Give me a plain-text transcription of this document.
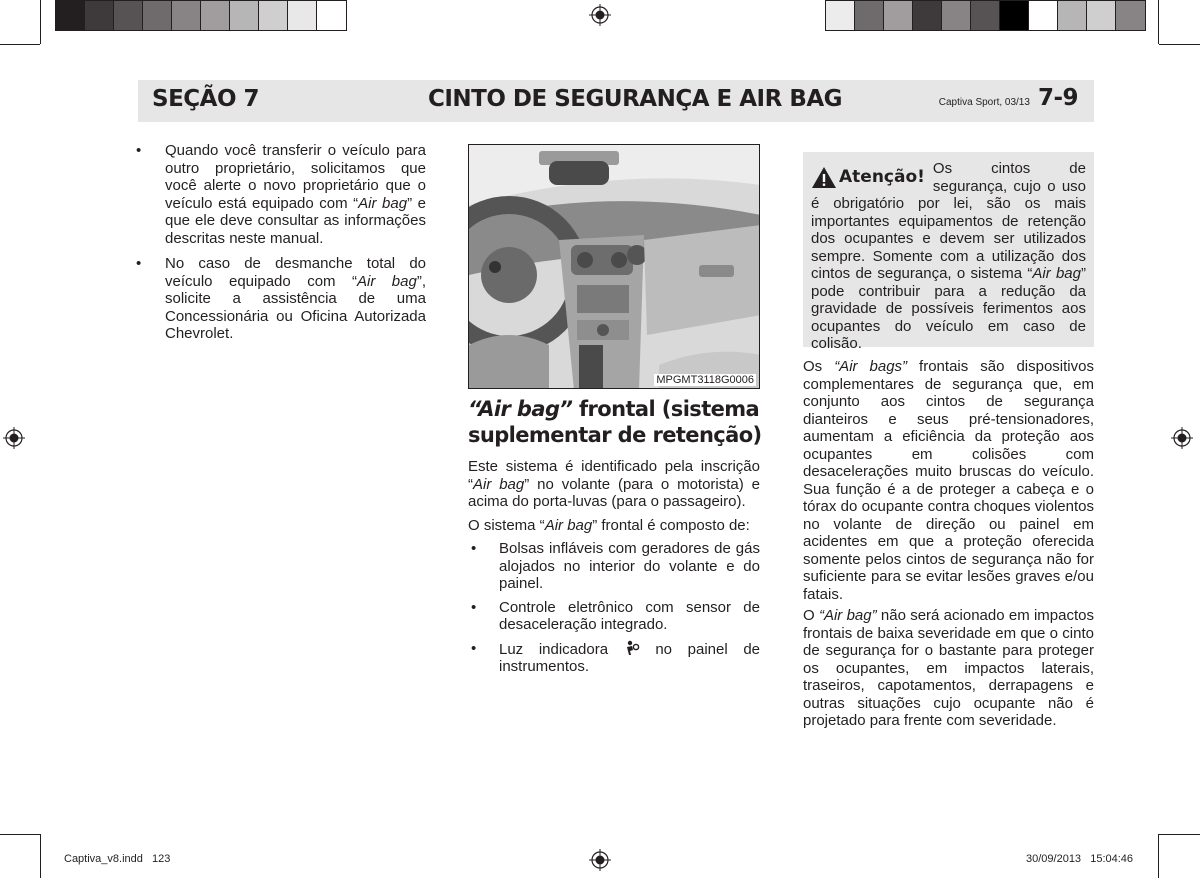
SEÇÃO 7	CINTO DE SEGURANÇA E AIR BAG	Captiva Sport, 03/13 7-9
•	Quando você transferir o veículo para outro proprietário, solicitamos que você alerte o novo proprietário que o veículo está equipado com “Air bag” e que ele deve consultar as informações descritas neste manual.
•	No caso de desmanche total do veículo equipado com “Air bag”, solicite a assistência de uma Concessionária ou Oficina Autorizada Chevrolet.
MPGMT3118G0006
“Air bag” frontal (sistema suplementar de retenção)

Este sistema é identificado pela inscrição “Air bag” no volante (para o motorista) e acima do porta-luvas (para o passageiro).

O sistema “Air bag” frontal é composto de:

•	Bolsas infláveis com geradores de gás alojados no interior do volante e do painel.
•	Controle eletrônico com sensor de desaceleração integrado.
•	Luz indicadora  no painel de instrumentos.
Atenção! Os cintos de segurança, cujo o uso é obrigatório por lei, são os mais importantes equipamentos de retenção dos ocupantes e devem ser utilizados sempre. Somente com a utilização dos cintos de segurança, o sistema “Air bag” pode contribuir para a redução da gravidade de possíveis ferimentos aos ocupantes do veículo em caso de colisão.

Os “Air bags” frontais são dispositivos complementares de segurança que, em conjunto aos cintos de segurança dianteiros e seus pré-tensionadores, aumentam a eficiência da proteção aos ocupantes em colisões com desacelerações muito bruscas do veículo. Sua função é a de proteger a cabeça e o tórax do ocupante contra choques violentos no volante de direção ou painel em acidentes em que a proteção oferecida somente pelos cintos de segurança não for suficiente para se evitar lesões graves e/ou fatais.

O “Air bag” não será acionado em impactos frontais de baixa severidade em que o cinto de segurança for o bastante para proteger os ocupantes, em impactos laterais, traseiros, capotamentos, derrapagens e outras situações cujo ocupante não é projetado para frente com severidade.

Captiva_v8.indd   123	30/09/2013   15:04:46
